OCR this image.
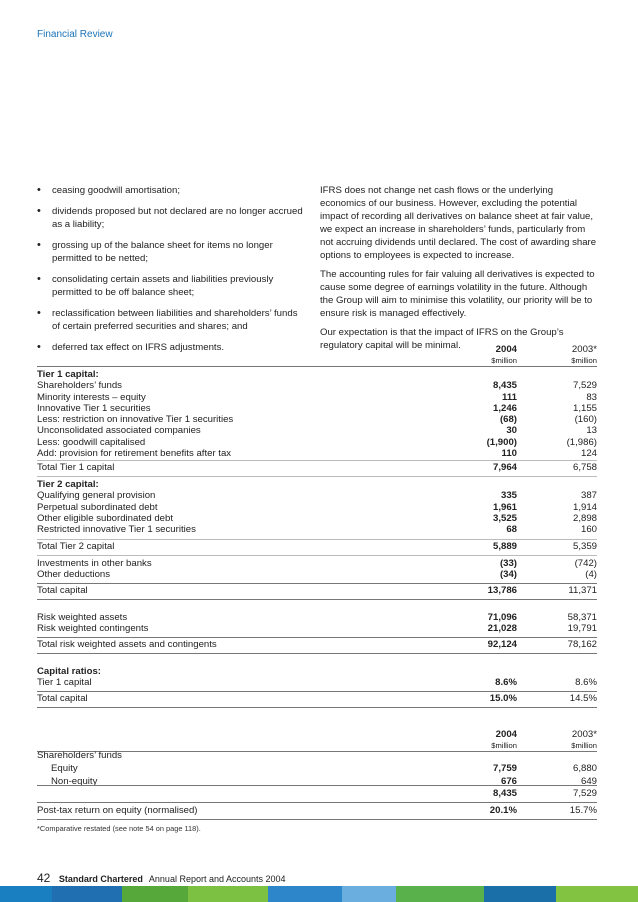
Financial Review
• ceasing goodwill amortisation;
• dividends proposed but not declared are no longer accrued as a liability;
• grossing up of the balance sheet for items no longer permitted to be netted;
• consolidating certain assets and liabilities previously permitted to be off balance sheet;
• reclassification between liabilities and shareholders’ funds of certain preferred securities and shares; and
• deferred tax effect on IFRS adjustments.

IFRS does not change net cash flows or the underlying economics of our business. However, excluding the potential impact of recording all derivatives on balance sheet at fair value, we expect an increase in shareholders’ funds, particularly from not accruing dividends until declared. The cost of awarding share options to employees is expected to increase.

The accounting rules for fair valuing all derivatives is expected to cause some degree of earnings volatility in the future. Although the Group will aim to minimise this volatility, our priority will be to ensure risk is managed effectively.

Our expectation is that the impact of IFRS on the Group’s regulatory capital will be minimal.	2004	2003*
$million	$million
Tier 1 capital:
Shareholders’ funds	8,435	7,529
Minority interests – equity	111	83
Innovative Tier 1 securities	1,246	1,155
Less: restriction on innovative Tier 1 securities	(68)	(160)
Unconsolidated associated companies	30	13
Less: goodwill capitalised	(1,900)	(1,986)
Add: provision for retirement benefits after tax	110	124
Total Tier 1 capital	7,964	6,758
Tier 2 capital:
Qualifying general provision	335	387
Perpetual subordinated debt	1,961	1,914
Other eligible subordinated debt	3,525	2,898
Restricted innovative Tier 1 securities	68	160
Total Tier 2 capital	5,889	5,359
Investments in other banks	(33)	(742)
Other deductions	(34)	(4)
Total capital	13,786	11,371
Risk weighted assets	71,096	58,371
Risk weighted contingents	21,028	19,791
Total risk weighted assets and contingents	92,124	78,162
Capital ratios:
Tier 1 capital	8.6%	8.6%
Total capital	15.0%	14.5%
2004	2003*
$million	$million
Shareholders’ funds
Equity	7,759	6,880
Non-equity	676	649
8,435	7,529
Post-tax return on equity (normalised)	20.1%	15.7%
*Comparative restated (see note 54 on page 118).
42 Standard Chartered Annual Report and Accounts 2004
